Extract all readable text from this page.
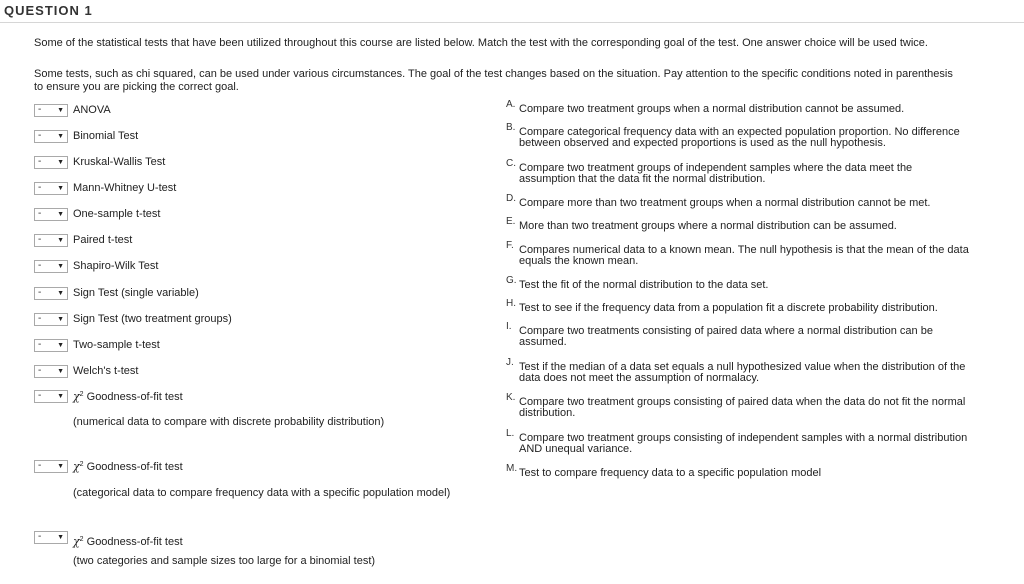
QUESTION 1
Some of the statistical tests that have been utilized throughout this course are listed below. Match the test with the corresponding goal of the test. One answer choice will be used twice.
Some tests, such as chi squared, can be used under various circumstances. The goal of the test changes based on the situation. Pay attention to the specific conditions noted in parenthesis to ensure you are picking the correct goal.
- ▼ ANOVA
- ▼ Binomial Test
- ▼ Kruskal-Wallis Test
- ▼ Mann-Whitney U-test
- ▼ One-sample t-test
- ▼ Paired t-test
- ▼ Shapiro-Wilk Test
- ▼ Sign Test (single variable)
- ▼ Sign Test (two treatment groups)
- ▼ Two-sample t-test
- ▼ Welch's t-test
- ▼ $\chi^2$ Goodness-of-fit test
(numerical data to compare with discrete probability distribution)
- ▼ $\chi^2$ Goodness-of-fit test
(categorical data to compare frequency data with a specific population model)
- ▼ $\chi^2$ Goodness-of-fit test
(two categories and sample sizes too large for a binomial test)
A. Compare two treatment groups when a normal distribution cannot be assumed.
B. Compare categorical frequency data with an expected population proportion. No difference between observed and expected proportions is used as the null hypothesis.
C. Compare two treatment groups of independent samples where the data meet the assumption that the data fit the normal distribution.
D. Compare more than two treatment groups when a normal distribution cannot be met.
E. More than two treatment groups where a normal distribution can be assumed.
F. Compares numerical data to a known mean. The null hypothesis is that the mean of the data equals the known mean.
G. Test the fit of the normal distribution to the data set.
H. Test to see if the frequency data from a population fit a discrete probability distribution.
I. Compare two treatments consisting of paired data where a normal distribution can be assumed.
J. Test if the median of a data set equals a null hypothesized value when the distribution of the data does not meet the assumption of normalacy.
K. Compare two treatment groups consisting of paired data when the data do not fit the normal distribution.
L. Compare two treatment groups consisting of independent samples with a normal distribution AND unequal variance.
M. Test to compare frequency data to a specific population model
